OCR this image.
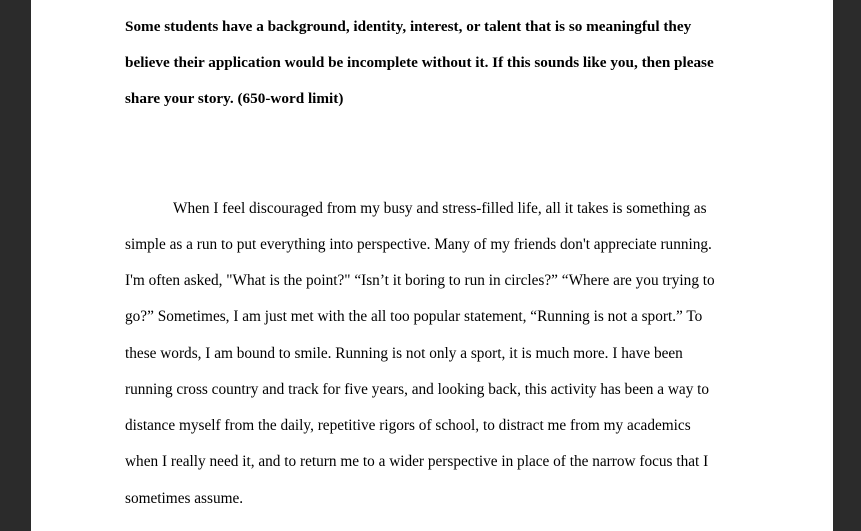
Some students have a background, identity, interest, or talent that is so meaningful they
believe their application would be incomplete without it. If this sounds like you, then please
share your story. (650-word limit)
When I feel discouraged from my busy and stress-filled life, all it takes is something as
simple as a run to put everything into perspective. Many of my friends don't appreciate running.
I'm often asked, "What is the point?" “Isn’t it boring to run in circles?” “Where are you trying to
go?” Sometimes, I am just met with the all too popular statement, “Running is not a sport.” To
these words, I am bound to smile. Running is not only a sport, it is much more. I have been
running cross country and track for five years, and looking back, this activity has been a way to
distance myself from the daily, repetitive rigors of school, to distract me from my academics
when I really need it, and to return me to a wider perspective in place of the narrow focus that I
sometimes assume.
